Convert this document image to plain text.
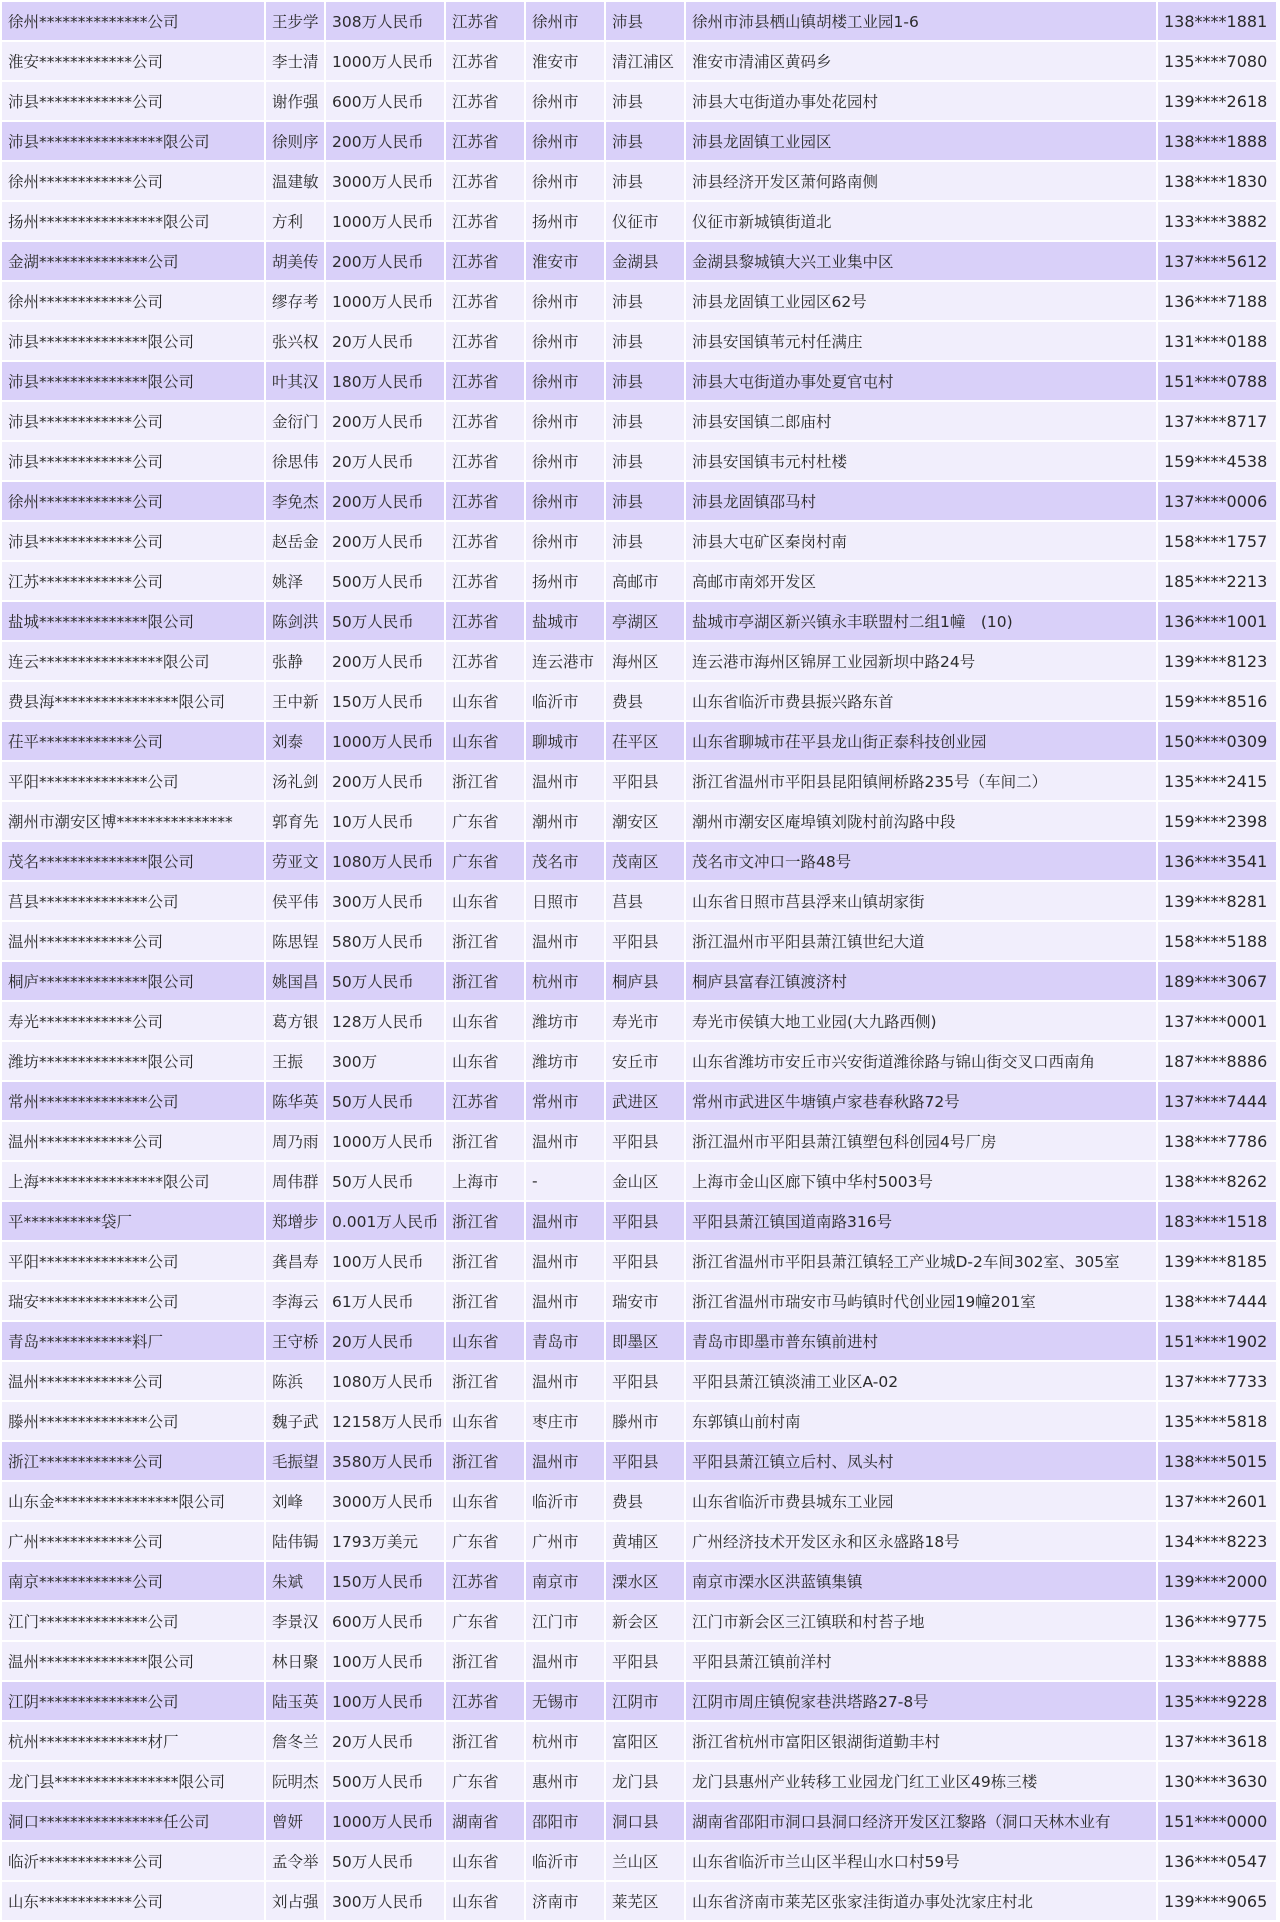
徐州**************公司	王步学	308万人民币	江苏省	徐州市	沛县	徐州市沛县栖山镇胡楼工业园1-6	138****1881
淮安************公司	李士清	1000万人民币	江苏省	淮安市	清江浦区	淮安市清浦区黄码乡	135****7080
沛县************公司	谢作强	600万人民币	江苏省	徐州市	沛县	沛县大屯街道办事处花园村	139****2618
沛县****************限公司	徐则序	200万人民币	江苏省	徐州市	沛县	沛县龙固镇工业园区	138****1888
徐州************公司	温建敏	3000万人民币	江苏省	徐州市	沛县	沛县经济开发区萧何路南侧	138****1830
扬州****************限公司	方利	1000万人民币	江苏省	扬州市	仪征市	仪征市新城镇街道北	133****3882
金湖**************公司	胡美传	200万人民币	江苏省	淮安市	金湖县	金湖县黎城镇大兴工业集中区	137****5612
徐州************公司	缪存考	1000万人民币	江苏省	徐州市	沛县	沛县龙固镇工业园区62号	136****7188
沛县**************限公司	张兴权	20万人民币	江苏省	徐州市	沛县	沛县安国镇苇元村任满庄	131****0188
沛县**************限公司	叶其汉	180万人民币	江苏省	徐州市	沛县	沛县大屯街道办事处夏官屯村	151****0788
沛县************公司	金衍门	200万人民币	江苏省	徐州市	沛县	沛县安国镇二郎庙村	137****8717
沛县************公司	徐思伟	20万人民币	江苏省	徐州市	沛县	沛县安国镇韦元村杜楼	159****4538
徐州************公司	李免杰	200万人民币	江苏省	徐州市	沛县	沛县龙固镇邵马村	137****0006
沛县************公司	赵岳金	200万人民币	江苏省	徐州市	沛县	沛县大屯矿区秦岗村南	158****1757
江苏************公司	姚泽	500万人民币	江苏省	扬州市	高邮市	高邮市南郊开发区	185****2213
盐城**************限公司	陈剑洪	50万人民币	江苏省	盐城市	亭湖区	盐城市亭湖区新兴镇永丰联盟村二组1幢　(10)	136****1001
连云****************限公司	张静	200万人民币	江苏省	连云港市	海州区	连云港市海州区锦屏工业园新坝中路24号	139****8123
费县海****************限公司	王中新	150万人民币	山东省	临沂市	费县	山东省临沂市费县振兴路东首	159****8516
茌平************公司	刘泰	1000万人民币	山东省	聊城市	茌平区	山东省聊城市茌平县龙山街正泰科技创业园	150****0309
平阳**************公司	汤礼剑	200万人民币	浙江省	温州市	平阳县	浙江省温州市平阳县昆阳镇闸桥路235号（车间二）	135****2415
潮州市潮安区博***************	郭育先	10万人民币	广东省	潮州市	潮安区	潮州市潮安区庵埠镇刘陇村前沟路中段	159****2398
茂名**************限公司	劳亚文	1080万人民币	广东省	茂名市	茂南区	茂名市文冲口一路48号	136****3541
莒县**************公司	侯平伟	300万人民币	山东省	日照市	莒县	山东省日照市莒县浮来山镇胡家街	139****8281
温州************公司	陈思锃	580万人民币	浙江省	温州市	平阳县	浙江温州市平阳县萧江镇世纪大道	158****5188
桐庐**************限公司	姚国昌	50万人民币	浙江省	杭州市	桐庐县	桐庐县富春江镇渡济村	189****3067
寿光************公司	葛方银	128万人民币	山东省	潍坊市	寿光市	寿光市侯镇大地工业园(大九路西侧)	137****0001
潍坊**************限公司	王振	300万	山东省	潍坊市	安丘市	山东省潍坊市安丘市兴安街道潍徐路与锦山街交叉口西南角	187****8886
常州**************公司	陈华英	50万人民币	江苏省	常州市	武进区	常州市武进区牛塘镇卢家巷春秋路72号	137****7444
温州************公司	周乃雨	1000万人民币	浙江省	温州市	平阳县	浙江温州市平阳县萧江镇塑包科创园4号厂房	138****7786
上海****************限公司	周伟群	50万人民币	上海市	-	金山区	上海市金山区廊下镇中华村5003号	138****8262
平**********袋厂	郑增步	0.001万人民币	浙江省	温州市	平阳县	平阳县萧江镇国道南路316号	183****1518
平阳**************公司	龚昌寿	100万人民币	浙江省	温州市	平阳县	浙江省温州市平阳县萧江镇轻工产业城D-2车间302室、305室	139****8185
瑞安**************公司	李海云	61万人民币	浙江省	温州市	瑞安市	浙江省温州市瑞安市马屿镇时代创业园19幢201室	138****7444
青岛************料厂	王守桥	20万人民币	山东省	青岛市	即墨区	青岛市即墨市普东镇前进村	151****1902
温州************公司	陈浜	1080万人民币	浙江省	温州市	平阳县	平阳县萧江镇淡浦工业区A-02	137****7733
滕州**************公司	魏子武	12158万人民币	山东省	枣庄市	滕州市	东郭镇山前村南	135****5818
浙江************公司	毛振望	3580万人民币	浙江省	温州市	平阳县	平阳县萧江镇立后村、凤头村	138****5015
山东金****************限公司	刘峰	3000万人民币	山东省	临沂市	费县	山东省临沂市费县城东工业园	137****2601
广州************公司	陆伟锔	1793万美元	广东省	广州市	黄埔区	广州经济技术开发区永和区永盛路18号	134****8223
南京************公司	朱斌	150万人民币	江苏省	南京市	溧水区	南京市溧水区洪蓝镇集镇	139****2000
江门**************公司	李景汉	600万人民币	广东省	江门市	新会区	江门市新会区三江镇联和村苔子地	136****9775
温州**************限公司	林日聚	100万人民币	浙江省	温州市	平阳县	平阳县萧江镇前洋村	133****8888
江阴**************公司	陆玉英	100万人民币	江苏省	无锡市	江阴市	江阴市周庄镇倪家巷洪塔路27-8号	135****9228
杭州**************材厂	詹冬兰	20万人民币	浙江省	杭州市	富阳区	浙江省杭州市富阳区银湖街道勤丰村	137****3618
龙门县****************限公司	阮明杰	500万人民币	广东省	惠州市	龙门县	龙门县惠州产业转移工业园龙门红工业区49栋三楼	130****3630
洞口****************任公司	曾妍	1000万人民币	湖南省	邵阳市	洞口县	湖南省邵阳市洞口县洞口经济开发区江黎路（洞口天林木业有	151****0000
临沂************公司	孟令举	50万人民币	山东省	临沂市	兰山区	山东省临沂市兰山区半程山水口村59号	136****0547
山东************公司	刘占强	300万人民币	山东省	济南市	莱芜区	山东省济南市莱芜区张家洼街道办事处沈家庄村北	139****9065
